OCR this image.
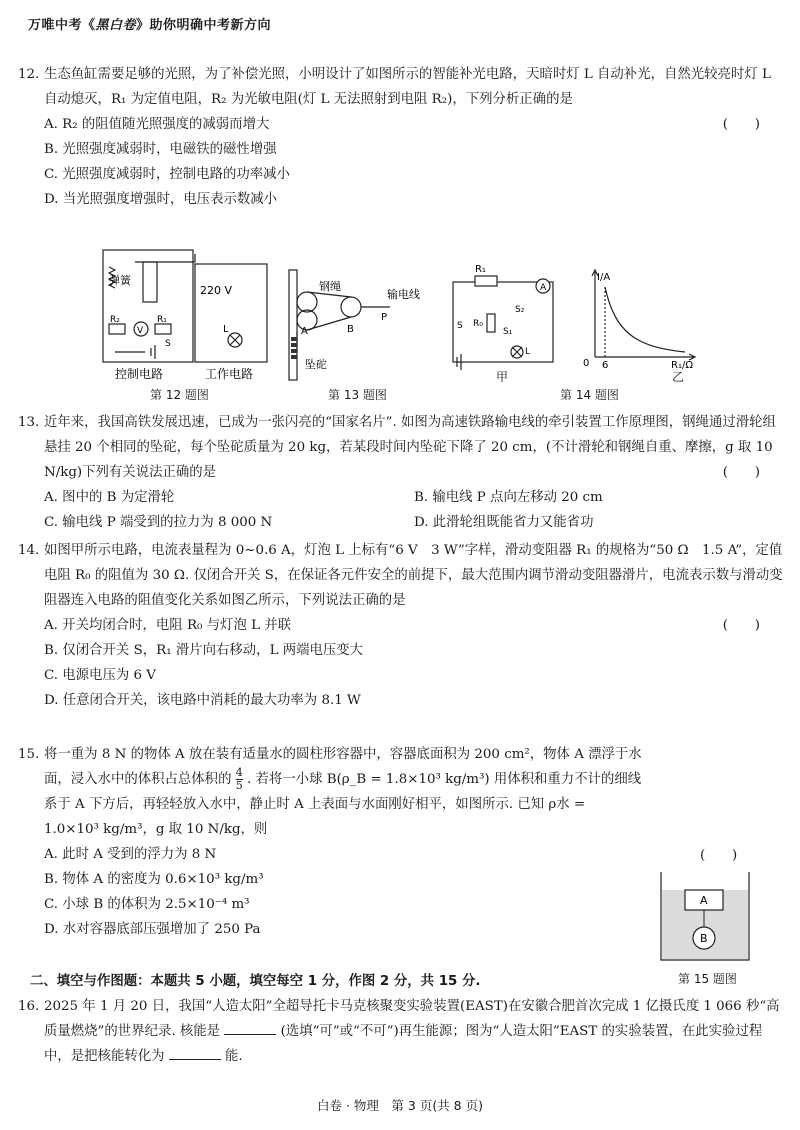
万唯中考《黑白卷》助你明确中考新方向
12. 生态鱼缸需要足够的光照，为了补偿光照，小明设计了如图所示的智能补光电路，天暗时灯 L 自动补光，自然光较亮时灯 L 自动熄灭，R₁ 为定值电阻，R₂ 为光敏电阻(灯 L 无法照射到电阻 R₂)，下列分析正确的是
(　　)
A. R₂ 的阻值随光照强度的减弱而增大
B. 光照强度减弱时，电磁铁的磁性增强
C. 光照强度减弱时，控制电路的功率减小
D. 当光照强度增强时，电压表示数减小
弹簧
220 V
R₂
V
R₁
S
L
控制电路	工作电路
第 12 题图
钢绳
输电线
A	B
P
坠砣
第 13 题图
R₁
A
S₂
S R₀
S₁
L
甲
I/A
0 6	R₁/Ω
乙
第 14 题图
13. 近年来，我国高铁发展迅速，已成为一张闪亮的“国家名片”. 如图为高速铁路输电线的牵引装置工作原理图，钢绳通过滑轮组悬挂 20 个相同的坠砣，每个坠砣质量为 20 kg，若某段时间内坠砣下降了 20 cm，(不计滑轮和钢绳自重、摩擦，g 取 10 N/kg)下列有关说法正确的是	(　　)
A. 图中的 B 为定滑轮	B. 输电线 P 点向左移动 20 cm
C. 输电线 P 端受到的拉力为 8 000 N	D. 此滑轮组既能省力又能省功
14. 如图甲所示电路，电流表量程为 0~0.6 A，灯泡 L 上标有“6 V　3 W”字样，滑动变阻器 R₁ 的规格为“50 Ω　1.5 A”，定值电阻 R₀ 的阻值为 30 Ω. 仅闭合开关 S，在保证各元件安全的前提下，最大范围内调节滑动变阻器滑片，电流表示数与滑动变阻器连入电路的阻值变化关系如图乙所示，下列说法正确的是
(　　)
A. 开关均闭合时，电阻 R₀ 与灯泡 L 并联
B. 仅闭合开关 S，R₁ 滑片向右移动，L 两端电压变大
C. 电源电压为 6 V
D. 任意闭合开关，该电路中消耗的最大功率为 8.1 W
15. 将一重为 8 N 的物体 A 放在装有适量水的圆柱形容器中，容器底面积为 200 cm²，物体 A 漂浮于水面，浸入水中的体积占总体积的 $\frac{4}{5}$ . 若将一小球 B(ρ_B = 1.8×10³ kg/m³) 用体积和重力不计的细线系于 A 下方后，再轻轻放入水中，静止时 A 上表面与水面刚好相平，如图所示. 已知 ρ水 = 1.0×10³ kg/m³，g 取 10 N/kg，则
A. 此时 A 受到的浮力为 8 N
B. 物体 A 的密度为 0.6×10³ kg/m³
C. 小球 B 的体积为 2.5×10⁻⁴ m³
D. 水对容器底部压强增加了 250 Pa
(　　)
A
B
第 15 题图
二、填空与作图题：本题共 5 小题，填空每空 1 分，作图 2 分，共 15 分.
16. 2025 年 1 月 20 日，我国“人造太阳”全超导托卡马克核聚变实验装置(EAST)在安徽合肥首次完成 1 亿摄氏度 1 066 秒“高质量燃烧”的世界纪录. 核能是	(选填“可”或“不可”)再生能源；图为“人造太阳”EAST 的实验装置，在此实验过程中，是把核能转化为	能.
白卷 · 物理　第 3 页(共 8 页)
